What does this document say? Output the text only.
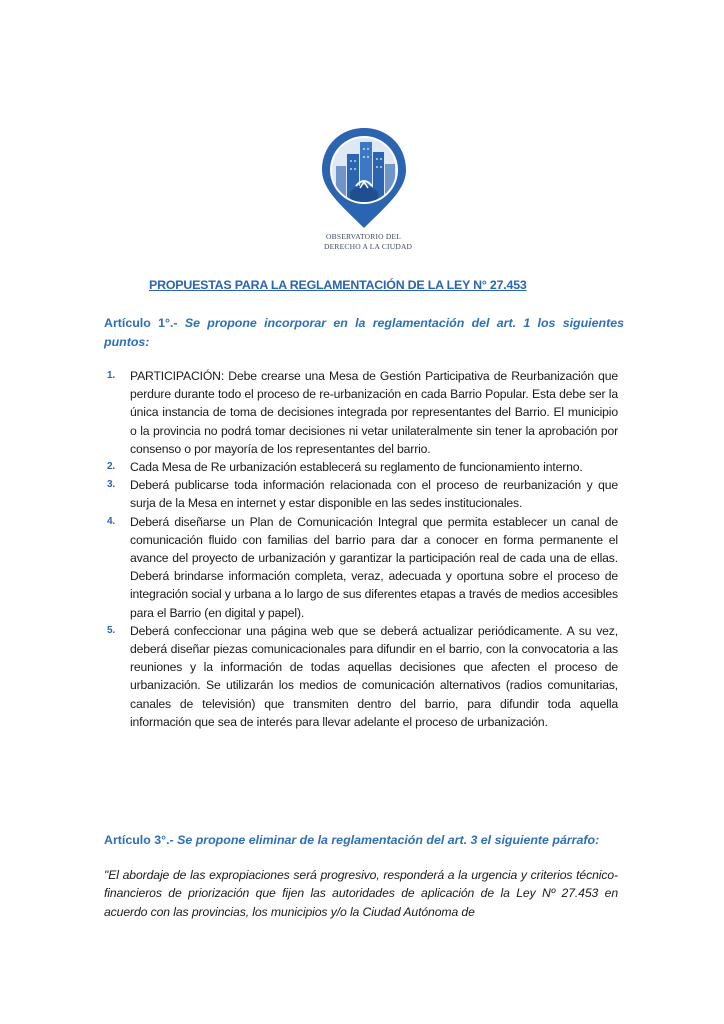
OBSERVATORIO DEL
DERECHO A LA CIUDAD
PROPUESTAS PARA LA REGLAMENTACIÓN DE LA LEY N° 27.453
Artículo 1°.- Se propone incorporar en la reglamentación del art. 1 los siguientes puntos:
1. PARTICIPACIÓN: Debe crearse una Mesa de Gestión Participativa de Reurbanización que perdure durante todo el proceso de re-urbanización en cada Barrio Popular. Esta debe ser la única instancia de toma de decisiones integrada por representantes del Barrio. El municipio o la provincia no podrá tomar decisiones ni vetar unilateralmente sin tener la aprobación por consenso o por mayoría de los representantes del barrio.
2. Cada Mesa de Re urbanización establecerá su reglamento de funcionamiento interno.
3. Deberá publicarse toda información relacionada con el proceso de reurbanización y que surja de la Mesa en internet y estar disponible en las sedes institucionales.
4. Deberá diseñarse un Plan de Comunicación Integral que permita establecer un canal de comunicación fluido con familias del barrio para dar a conocer en forma permanente el avance del proyecto de urbanización y garantizar la participación real de cada una de ellas. Deberá brindarse información completa, veraz, adecuada y oportuna sobre el proceso de integración social y urbana a lo largo de sus diferentes etapas a través de medios accesibles para el Barrio (en digital y papel).
5. Deberá confeccionar una página web que se deberá actualizar periódicamente. A su vez, deberá diseñar piezas comunicacionales para difundir en el barrio, con la convocatoria a las reuniones y la información de todas aquellas decisiones que afecten el proceso de urbanización. Se utilizarán los medios de comunicación alternativos (radios comunitarias, canales de televisión) que transmiten dentro del barrio, para difundir toda aquella información que sea de interés para llevar adelante el proceso de urbanización.
Artículo 3°.- Se propone eliminar de la reglamentación del art. 3 el siguiente párrafo:
"El abordaje de las expropiaciones será progresivo, responderá a la urgencia y criterios técnico-financieros de priorización que fijen las autoridades de aplicación de la Ley Nº 27.453 en acuerdo con las provincias, los municipios y/o la Ciudad Autónoma de
